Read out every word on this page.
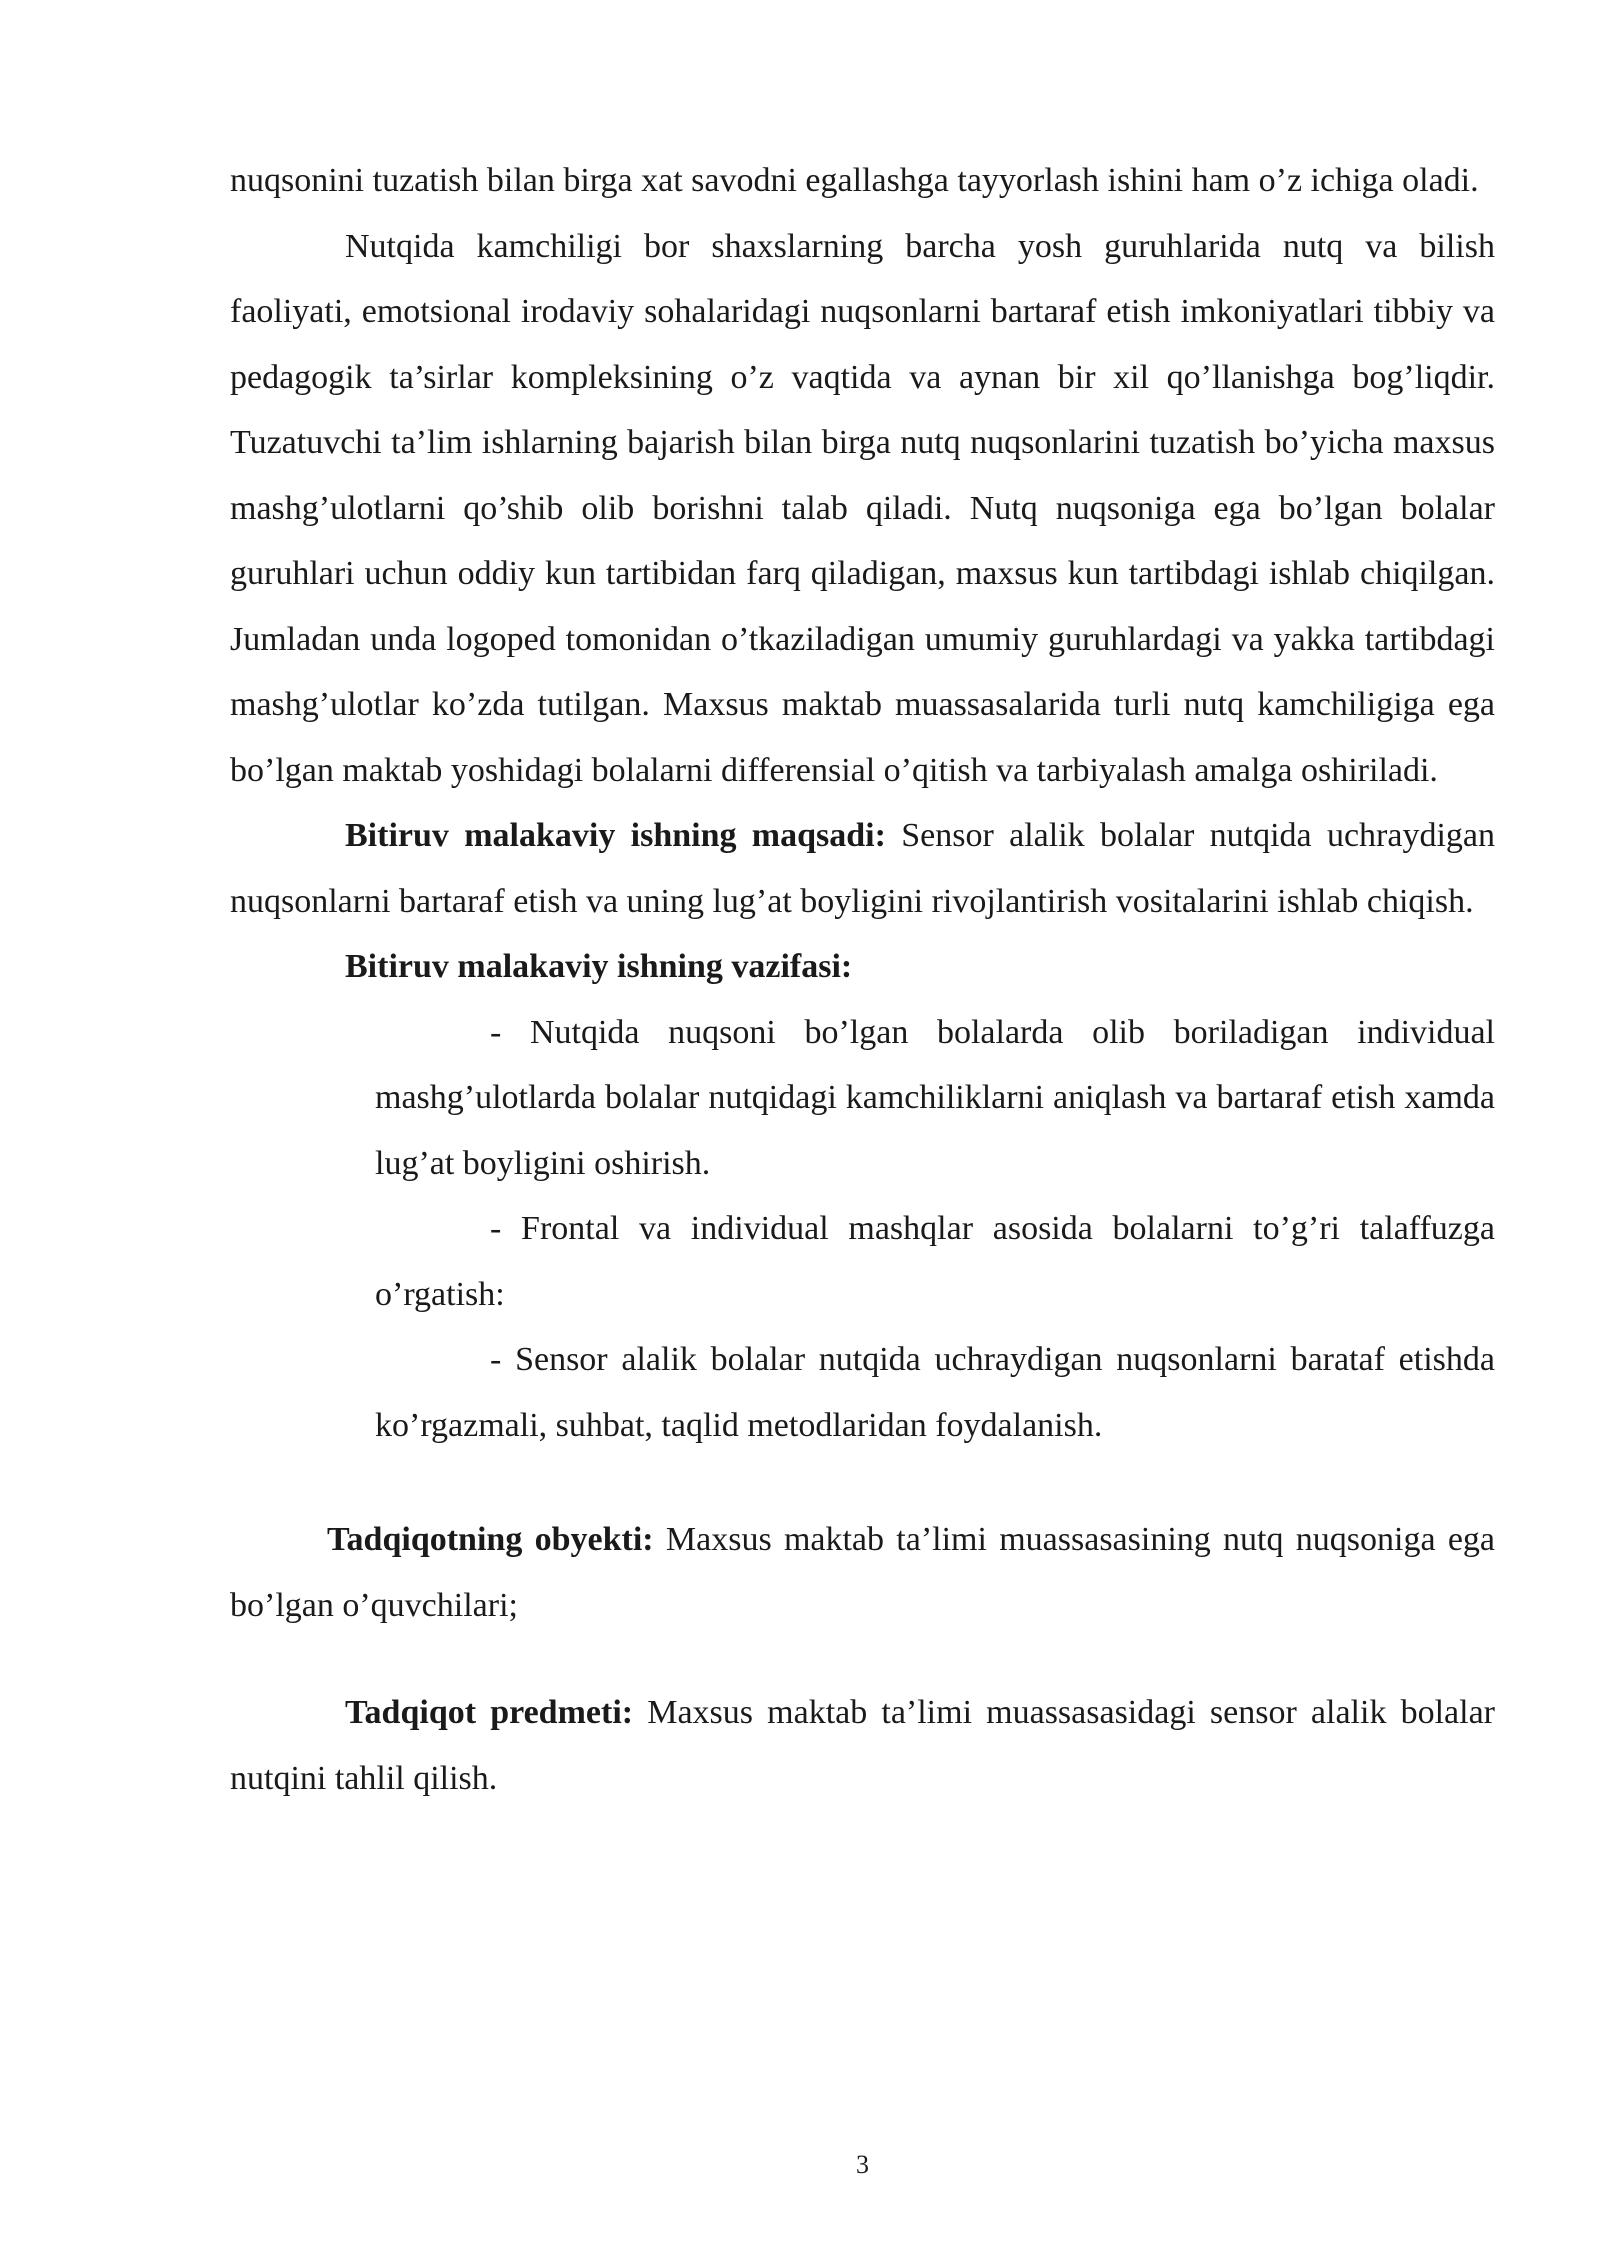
nuqsonini tuzatish bilan birga xat savodni egallashga tayyorlash ishini ham o’z ichiga oladi.

Nutqida kamchiligi bor shaxslarning barcha yosh guruhlarida nutq va bilish faoliyati, emotsional irodaviy sohalaridagi nuqsonlarni bartaraf etish imkoniyatlari tibbiy va pedagogik ta’sirlar kompleksining o’z vaqtida va aynan bir xil qo’llanishga bog’liqdir. Tuzatuvchi ta’lim ishlarning bajarish bilan birga nutq nuqsonlarini tuzatish bo’yicha maxsus mashg’ulotlarni qo’shib olib borishni talab qiladi. Nutq nuqsoniga ega bo’lgan bolalar guruhlari uchun oddiy kun tartibidan farq qiladigan, maxsus kun tartibdagi ishlab chiqilgan. Jumladan unda logoped tomonidan o’tkaziladigan umumiy guruhlardagi va yakka tartibdagi mashg’ulotlar ko’zda tutilgan. Maxsus maktab muassasalarida turli nutq kamchiligiga ega bo’lgan maktab yoshidagi bolalarni differensial o’qitish va tarbiyalash amalga oshiriladi.

Bitiruv malakaviy ishning maqsadi: Sensor alalik bolalar nutqida uchraydigan nuqsonlarni bartaraf etish va uning lug’at boyligini rivojlantirish vositalarini ishlab chiqish.

Bitiruv malakaviy ishning vazifasi:

- Nutqida nuqsoni bo’lgan bolalarda olib boriladigan individual mashg’ulotlarda bolalar nutqidagi kamchiliklarni aniqlash va bartaraf etish xamda lug’at boyligini oshirish.

- Frontal va individual mashqlar asosida bolalarni to’g’ri talaffuzga o’rgatish:

- Sensor alalik bolalar nutqida uchraydigan nuqsonlarni barataf etishda ko’rgazmali, suhbat, taqlid metodlaridan foydalanish.

Tadqiqotning obyekti: Maxsus maktab ta’limi muassasasining nutq nuqsoniga ega bo’lgan o’quvchilari;

Tadqiqot predmeti: Maxsus maktab ta’limi muassasasidagi sensor alalik bolalar nutqini tahlil qilish.

3
